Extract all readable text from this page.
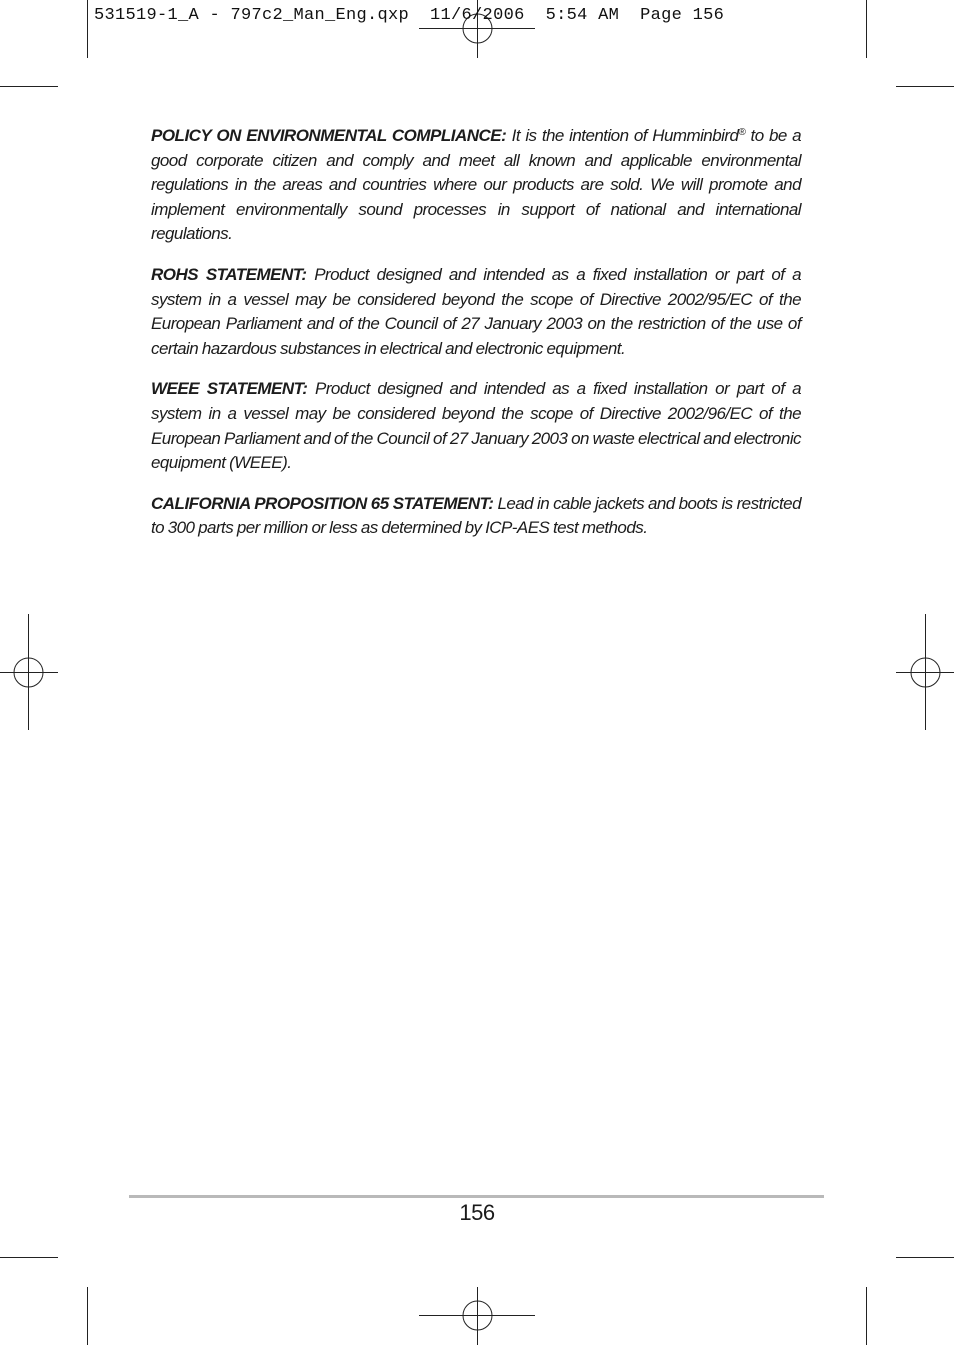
531519-1_A - 797c2_Man_Eng.qxp  11/6/2006  5:54 AM  Page 156

POLICY ON ENVIRONMENTAL COMPLIANCE: It is the intention of Humminbird® to be a good corporate citizen and comply and meet all known and applicable environmental regulations in the areas and countries where our products are sold. We will promote and implement environmentally sound processes in support of national and international regulations.

ROHS STATEMENT: Product designed and intended as a fixed installation or part of a system in a vessel may be considered beyond the scope of Directive 2002/95/EC of the European Parliament and of the Council of 27 January 2003 on the restriction of the use of certain hazardous substances in electrical and electronic equipment.

WEEE STATEMENT: Product designed and intended as a fixed installation or part of a system in a vessel may be considered beyond the scope of Directive 2002/96/EC of the European Parliament and of the Council of 27 January 2003 on waste electrical and electronic equipment (WEEE).

CALIFORNIA PROPOSITION 65 STATEMENT: Lead in cable jackets and boots is restricted to 300 parts per million or less as determined by ICP-AES test methods.

156
